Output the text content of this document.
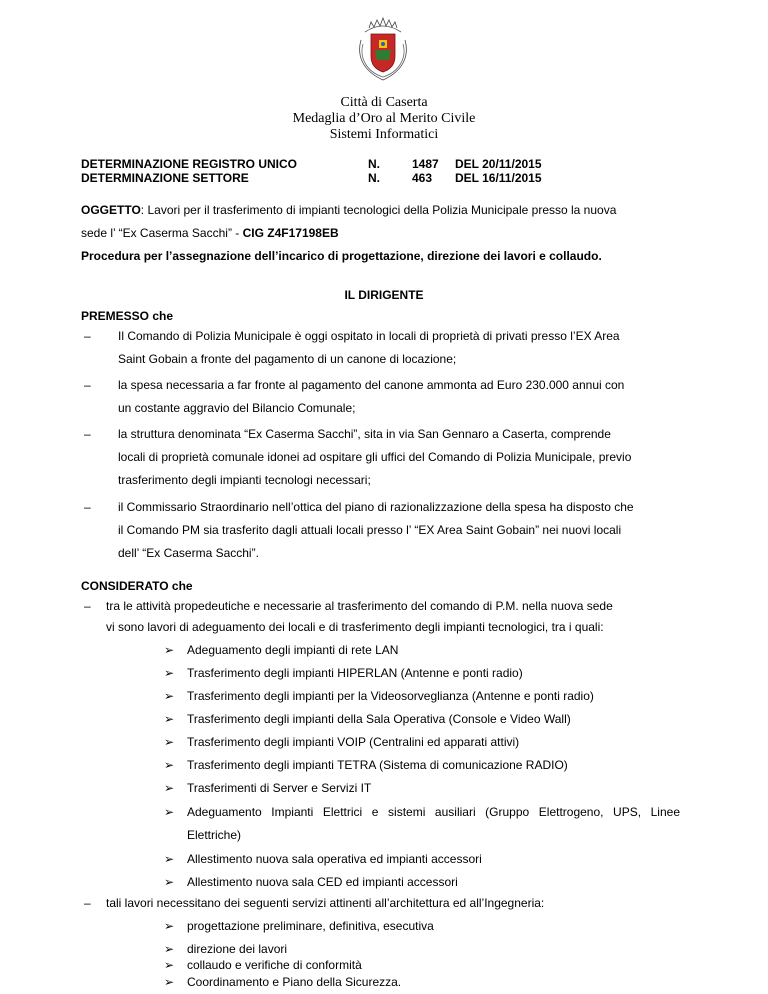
Città di Caserta
Medaglia d’Oro al Merito Civile
Sistemi Informatici
DETERMINAZIONE REGISTRO UNICO	N.	1487 DEL 20/11/2015
DETERMINAZIONE SETTORE	N.	463 DEL 16/11/2015
OGGETTO: Lavori per il trasferimento di impianti tecnologici della Polizia Municipale presso la nuova
sede l’ “Ex Caserma Sacchi” - CIG Z4F17198EB
Procedura per l’assegnazione dell’incarico di progettazione, direzione dei lavori e collaudo.
IL DIRIGENTE
PREMESSO che
– Il Comando di Polizia Municipale è oggi ospitato in locali di proprietà di privati presso l’EX Area
Saint Gobain a fronte del pagamento di un canone di locazione;
– la spesa necessaria a far fronte al pagamento del canone ammonta ad Euro 230.000 annui con
un costante aggravio del Bilancio Comunale;
– la struttura denominata “Ex Caserma Sacchi”, sita in via San Gennaro a Caserta, comprende
locali di proprietà comunale idonei ad ospitare gli uffici del Comando di Polizia Municipale, previo
trasferimento degli impianti tecnologi necessari;
– il Commissario Straordinario nell’ottica del piano di razionalizzazione della spesa ha disposto che
il Comando PM sia trasferito dagli attuali locali presso l’ “EX Area Saint Gobain” nei nuovi locali
dell’ “Ex Caserma Sacchi”.
CONSIDERATO che
– tra le attività propedeutiche e necessarie al trasferimento del comando di P.M. nella nuova sede
vi sono lavori di adeguamento dei locali e di trasferimento degli impianti tecnologici, tra i quali:
➢ Adeguamento degli impianti di rete LAN
➢ Trasferimento degli impianti HIPERLAN (Antenne e ponti radio)
➢ Trasferimento degli impianti per la Videosorveglianza (Antenne e ponti radio)
➢ Trasferimento degli impianti della Sala Operativa (Console e Video Wall)
➢ Trasferimento degli impianti VOIP (Centralini ed apparati attivi)
➢ Trasferimento degli impianti TETRA (Sistema di comunicazione RADIO)
➢ Trasferimenti di Server e Servizi IT
➢ Adeguamento Impianti Elettrici e sistemi ausiliari (Gruppo Elettrogeno, UPS, Linee
Elettriche)
➢ Allestimento nuova sala operativa ed impianti accessori
➢ Allestimento nuova sala CED ed impianti accessori
– tali lavori necessitano dei seguenti servizi attinenti all’architettura ed all’Ingegneria:
➢ progettazione preliminare, definitiva, esecutiva
➢ direzione dei lavori
➢ collaudo e verifiche di conformità
➢ Coordinamento e Piano della Sicurezza.
